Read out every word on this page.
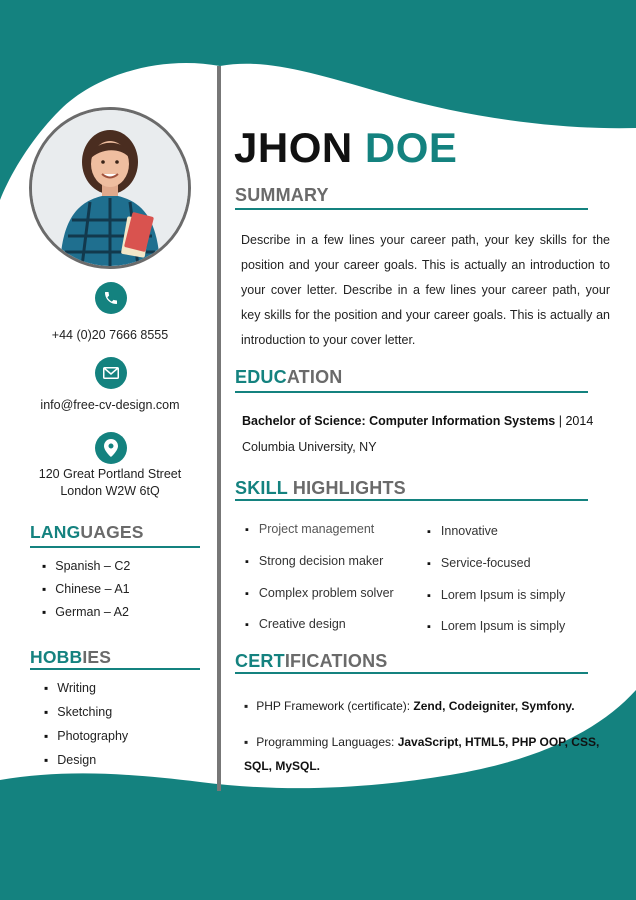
+44 (0)20 7666 8555
info@free-cv-design.com
120 Great Portland Street
London W2W 6tQ
LANGUAGES
▪ Spanish – C2
▪ Chinese – A1
▪ German – A2
HOBBIES
▪ Writing
▪ Sketching
▪ Photography
▪ Design
JHON DOE
SUMMARY
Describe in a few lines your career path, your key skills for the position and your career goals. This is actually an introduction to your cover letter. Describe in a few lines your career path, your key skills for the position and your career goals. This is actually an introduction to your cover letter.
EDUCATION
Bachelor of Science: Computer Information Systems | 2014
Columbia University, NY
SKILL HIGHLIGHTS
▪ Project management
▪ Strong decision maker
▪ Complex problem solver
▪ Creative design
▪ Innovative
▪ Service-focused
▪ Lorem Ipsum is simply
▪ Lorem Ipsum is simply
CERTIFICATIONS
▪ PHP Framework (certificate): Zend, Codeigniter, Symfony.
▪ Programming Languages: JavaScript, HTML5, PHP OOP, CSS, SQL, MySQL.
